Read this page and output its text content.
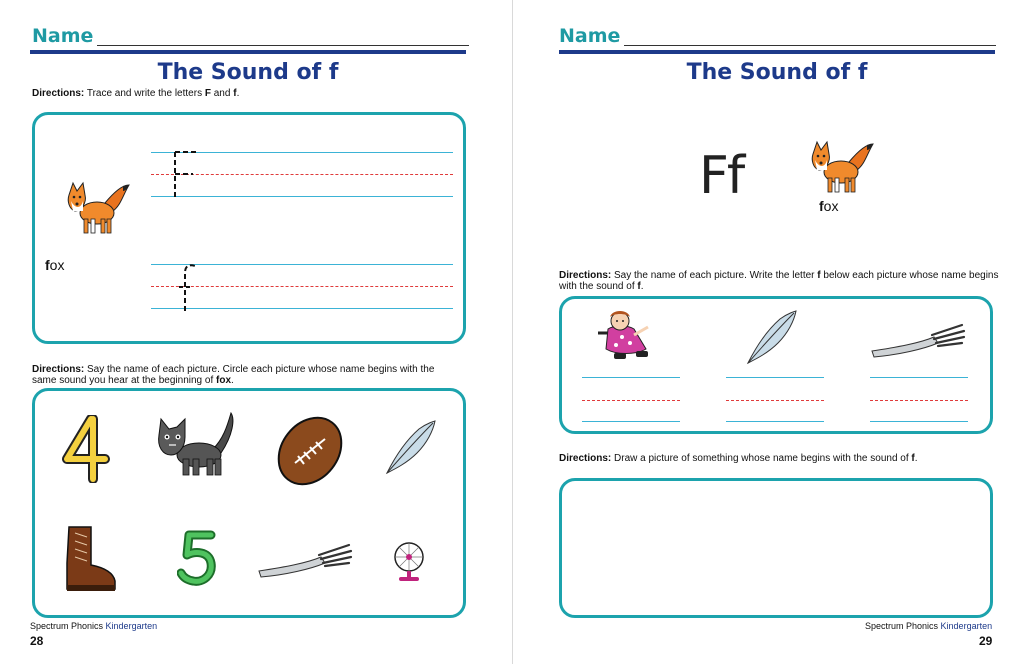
Name
The Sound of f
Directions: Trace and write the letters F and f.
fox
Directions: Say the name of each picture. Circle each picture whose name begins with the same sound you hear at the beginning of fox.
Spectrum Phonics Kindergarten
28
Name
The Sound of f
Ff	fox
Directions: Say the name of each picture. Write the letter f below each picture whose name begins with the sound of f.
Directions: Draw a picture of something whose name begins with the sound of f.
Spectrum Phonics Kindergarten
29
